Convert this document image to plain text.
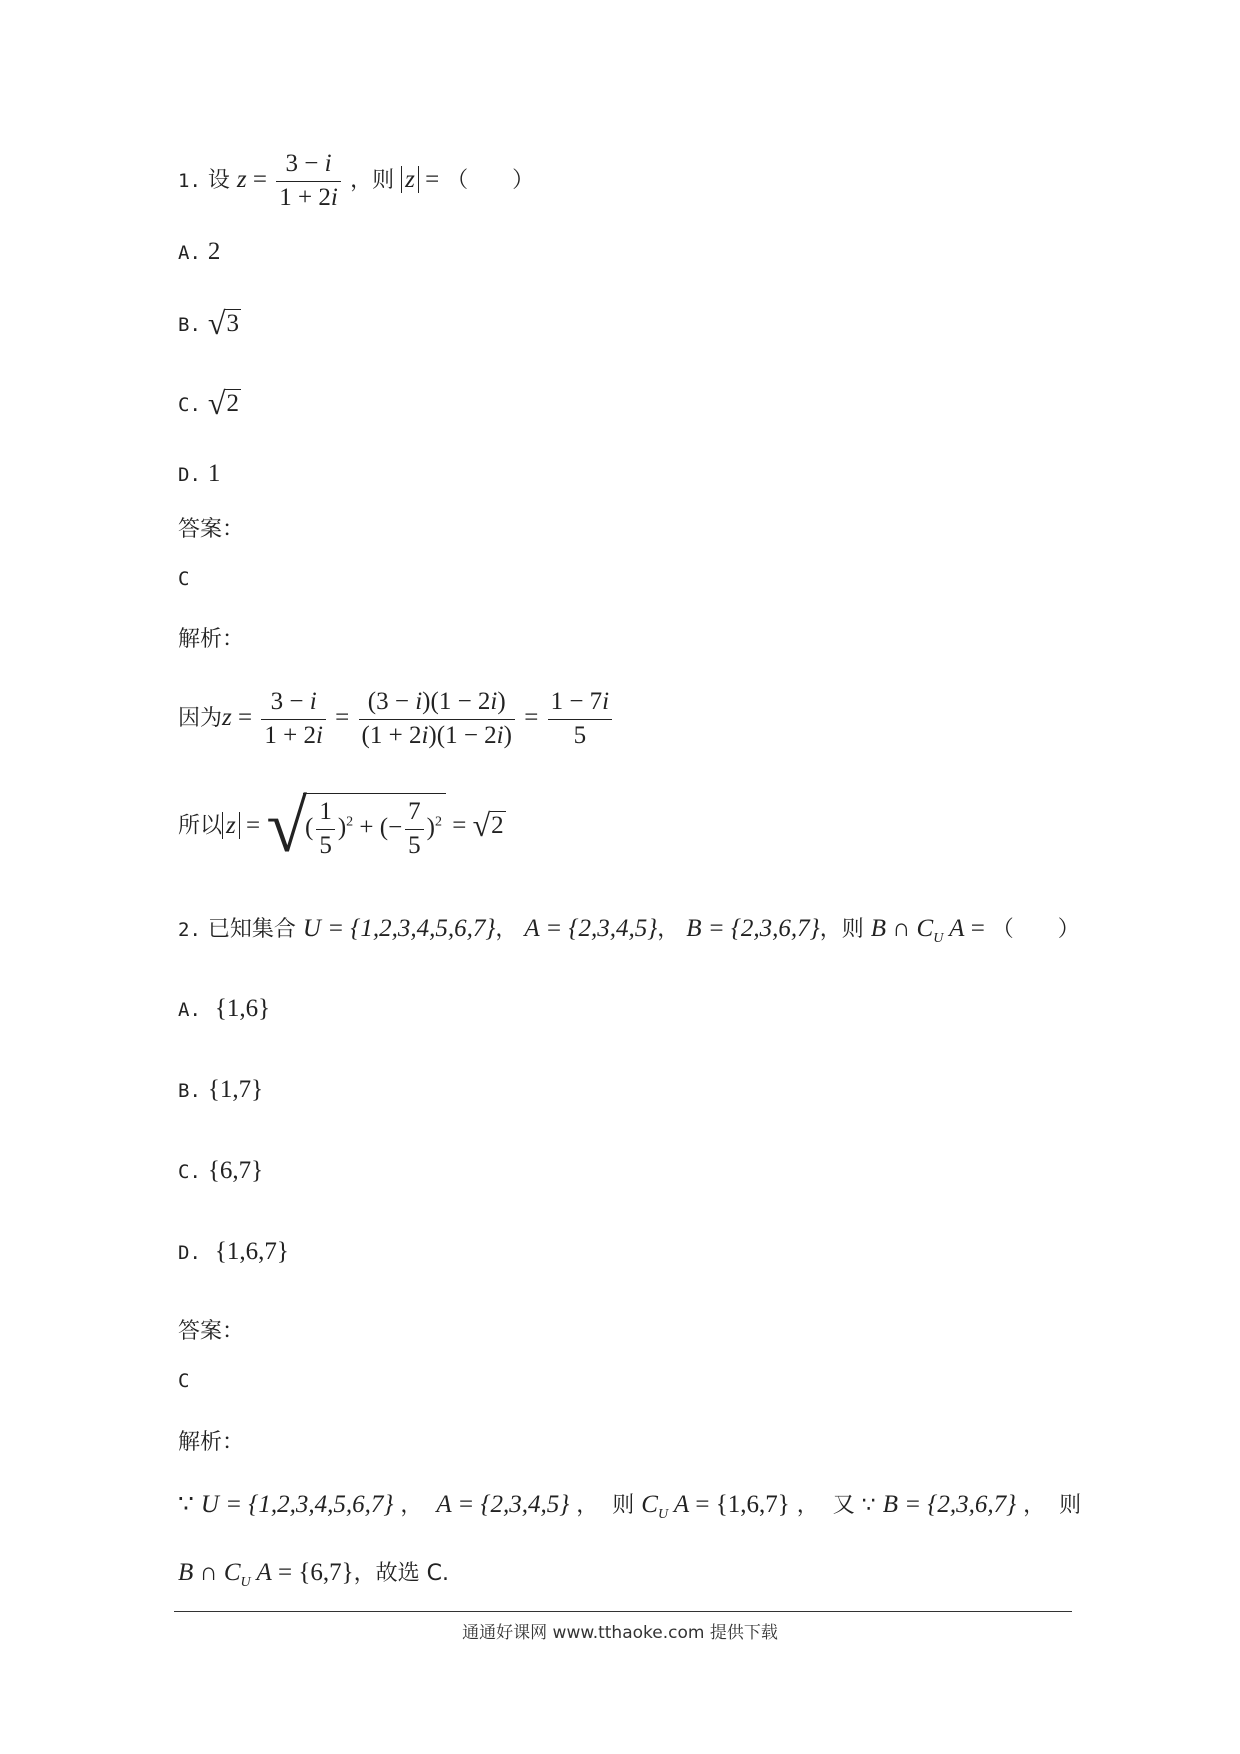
1. 设 $z = \frac{3 - i}{1 + 2i}$ ，则 z = （　　）
A. 2
B. √3
C. √2
D. 1
答案：
C
解析：
因为$z = \frac{3 - i}{1 + 2i} = \frac{(3 - i)(1 - 2i)}{(1 + 2i)(1 - 2i)} = \frac{1 - 7i}{5}$
所以 z = √( $\frac{1}{5} )^2$ + (− $\frac{7}{5} )^2 = √2$
2. 已知集合 U = {1,2,3,4,5,6,7}， A = {2,3,4,5}， B = {2,3,6,7}，则 B ∩ $C_U$ A = （　　）
A. {1,6}
B. {1,7}
C. {6,7}
D. {1,6,7}
答案：
C
解析：
∵ U = {1,2,3,4,5,6,7} ，  A = {2,3,4,5} ，  则 $C_U$ A = {1,6,7} ，  又 ∵ B = {2,3,6,7} ，  则
B ∩ $C_U$ A = {6,7}，故选 C.
通通好课网 www.tthaoke.com 提供下载
